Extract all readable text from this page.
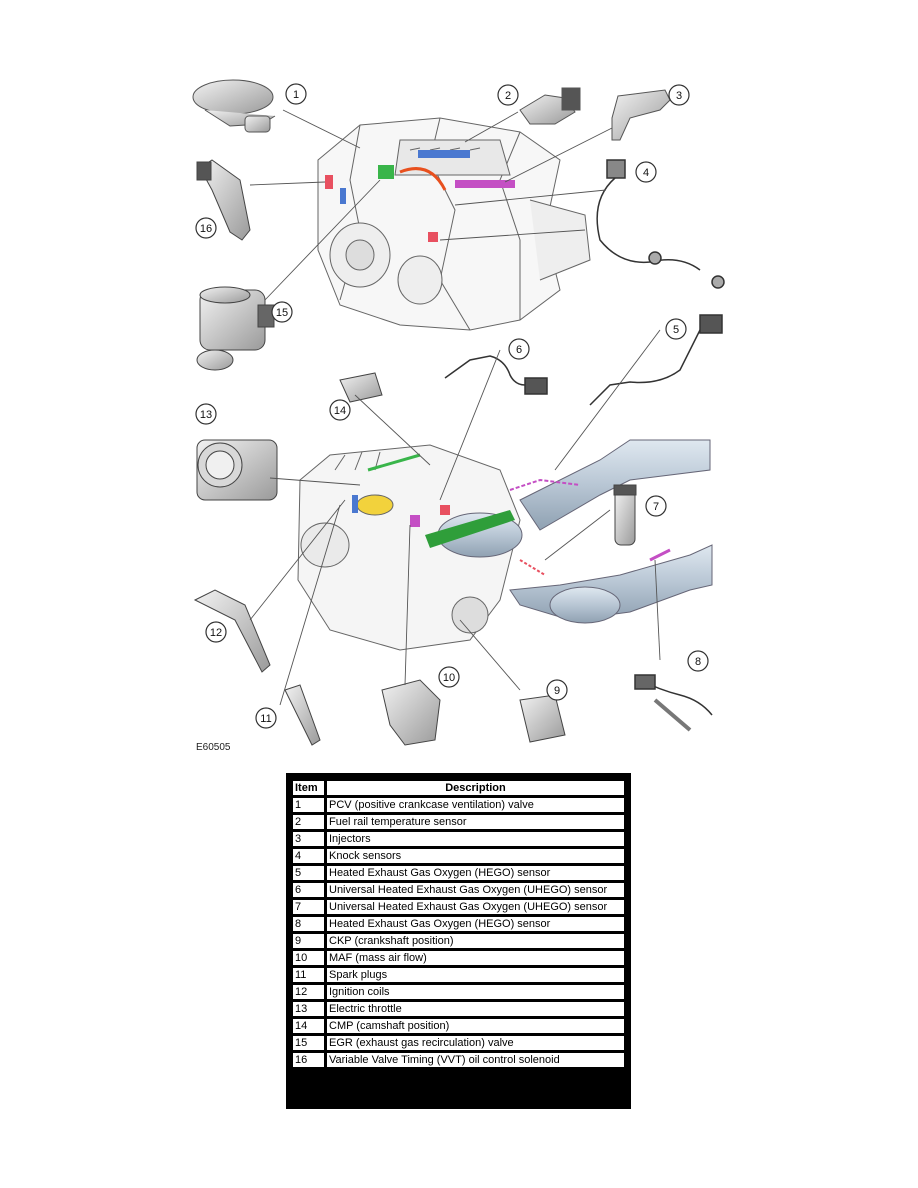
1	2	3
4
5
6
7
8
9
10
11
12
13	14
15
16
E60505
Item	Description
1	PCV (positive crankcase ventilation) valve
2	Fuel rail temperature sensor
3	Injectors
4	Knock sensors
5	Heated Exhaust Gas Oxygen (HEGO) sensor
6	Universal Heated Exhaust Gas Oxygen (UHEGO) sensor
7	Universal Heated Exhaust Gas Oxygen (UHEGO) sensor
8	Heated Exhaust Gas Oxygen (HEGO) sensor
9	CKP (crankshaft position)
10	MAF (mass air flow)
11	Spark plugs
12	Ignition coils
13	Electric throttle
14	CMP (camshaft position)
15	EGR (exhaust gas recirculation) valve
16	Variable Valve Timing (VVT) oil control solenoid
